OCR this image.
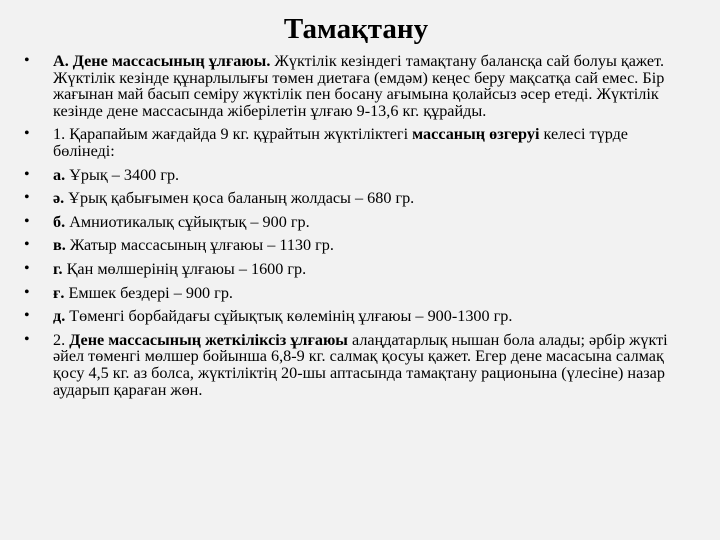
Тамақтану
• А. Дене массасының ұлғаюы. Жүктілік кезіндегі тамақтану балансқа сай болуы қажет. Жүктілік кезінде құнарлылығы төмен диетаға (емдәм) кеңес беру мақсатқа сай емес. Бір жағынан май басып семіру жүктілік пен босану ағымына қолайсыз әсер етеді. Жүктілік кезінде дене массасында жіберілетін ұлғаю 9-13,6 кг. құрайды.
• 1. Қарапайым жағдайда 9 кг. құрайтын жүктіліктегі массаның өзгеруі келесі түрде бөлінеді:
• а. Ұрық – 3400 гр.
• ә. Ұрық қабығымен қоса баланың жолдасы – 680 гр.
• б. Амниотикалық сұйықтық – 900 гр.
• в. Жатыр массасының ұлғаюы – 1130 гр.
• г. Қан мөлшерінің ұлғаюы – 1600 гр.
• ғ. Емшек бездері – 900 гр.
• д. Төменгі борбайдағы сұйықтық көлемінің ұлғаюы – 900-1300 гр.
• 2. Дене массасының жеткіліксіз ұлғаюы алаңдатарлық нышан бола алады; әрбір жүкті әйел төменгі мөлшер бойынша 6,8-9 кг. салмақ қосуы қажет. Егер дене масасына салмақ қосу 4,5 кг. аз болса, жүктіліктің 20-шы аптасында тамақтану рационына (үлесіне) назар аударып қараған жөн.
